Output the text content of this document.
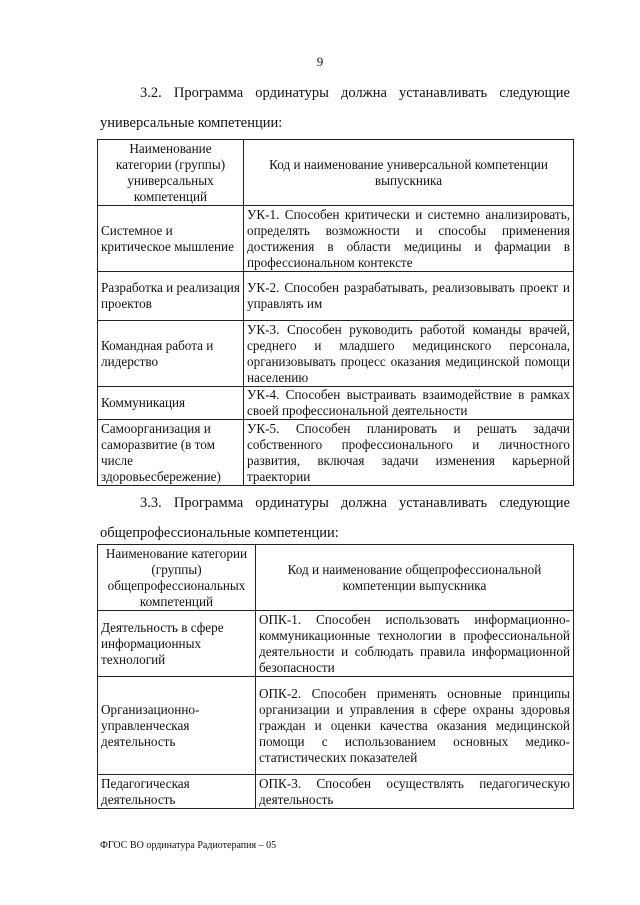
9
3.2. Программа ординатуры должна устанавливать следующие
универсальные компетенции:
Наименование категории (группы) универсальных компетенций	Код и наименование универсальной компетенции выпускника
Системное и критическое мышление	УК-1. Способен критически и системно анализировать, определять возможности и способы применения достижения в области медицины и фармации в профессиональном контексте
Разработка и реализация проектов	УК-2. Способен разрабатывать, реализовывать проект и управлять им
Командная работа и лидерство	УК-3. Способен руководить работой команды врачей, среднего и младшего медицинского персонала, организовывать процесс оказания медицинской помощи населению
Коммуникация	УК-4. Способен выстраивать взаимодействие в рамках своей профессиональной деятельности
Самоорганизация и саморазвитие (в том числе здоровьесбережение)	УК-5. Способен планировать и решать задачи собственного профессионального и личностного развития, включая задачи изменения карьерной траектории
3.3. Программа ординатуры должна устанавливать следующие
общепрофессиональные компетенции:
Наименование категории (группы) общепрофессиональных компетенций	Код и наименование общепрофессиональной компетенции выпускника
Деятельность в сфере информационных технологий	ОПК-1. Способен использовать информационно-коммуникационные технологии в профессиональной деятельности и соблюдать правила информационной безопасности
Организационно-управленческая деятельность	ОПК-2. Способен применять основные принципы организации и управления в сфере охраны здоровья граждан и оценки качества оказания медицинской помощи с использованием основных медико-статистических показателей
Педагогическая деятельность	ОПК-3. Способен осуществлять педагогическую деятельность
ФГОС ВО ординатура Радиотерапия – 05
